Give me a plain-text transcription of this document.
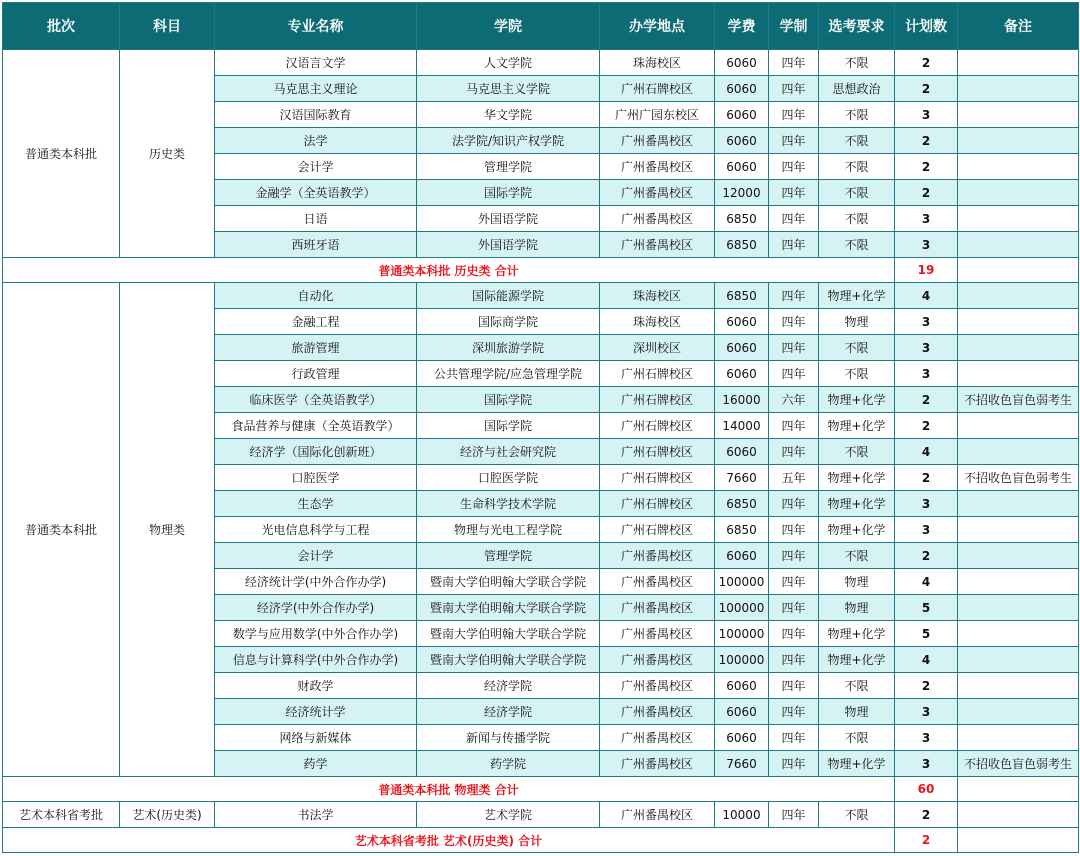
批次	科目	专业名称	学院	办学地点	学费	学制	选考要求	计划数	备注
普通类本科批	历史类	汉语言文学	人文学院	珠海校区	6060	四年	不限	2	
		马克思主义理论	马克思主义学院	广州石牌校区	6060	四年	思想政治	2	
		汉语国际教育	华文学院	广州广园东校区	6060	四年	不限	3	
		法学	法学院/知识产权学院	广州番禺校区	6060	四年	不限	2	
		会计学	管理学院	广州番禺校区	6060	四年	不限	2	
		金融学（全英语教学）	国际学院	广州番禺校区	12000	四年	不限	2	
		日语	外国语学院	广州番禺校区	6850	四年	不限	3	
		西班牙语	外国语学院	广州番禺校区	6850	四年	不限	3	
普通类本科批 历史类 合计								19	
普通类本科批	物理类	自动化	国际能源学院	珠海校区	6850	四年	物理+化学	4	
		金融工程	国际商学院	珠海校区	6060	四年	物理	3	
		旅游管理	深圳旅游学院	深圳校区	6060	四年	不限	3	
		行政管理	公共管理学院/应急管理学院	广州石牌校区	6060	四年	不限	3	
		临床医学（全英语教学）	国际学院	广州石牌校区	16000	六年	物理+化学	2	不招收色盲色弱考生
		食品营养与健康（全英语教学）	国际学院	广州石牌校区	14000	四年	物理+化学	2	
		经济学（国际化创新班）	经济与社会研究院	广州石牌校区	6060	四年	不限	4	
		口腔医学	口腔医学院	广州石牌校区	7660	五年	物理+化学	2	不招收色盲色弱考生
		生态学	生命科学技术学院	广州石牌校区	6850	四年	物理+化学	3	
		光电信息科学与工程	物理与光电工程学院	广州石牌校区	6850	四年	物理+化学	3	
		会计学	管理学院	广州番禺校区	6060	四年	不限	2	
		经济统计学(中外合作办学)	暨南大学伯明翰大学联合学院	广州番禺校区	100000	四年	物理	4	
		经济学(中外合作办学)	暨南大学伯明翰大学联合学院	广州番禺校区	100000	四年	物理	5	
		数学与应用数学(中外合作办学)	暨南大学伯明翰大学联合学院	广州番禺校区	100000	四年	物理+化学	5	
		信息与计算科学(中外合作办学)	暨南大学伯明翰大学联合学院	广州番禺校区	100000	四年	物理+化学	4	
		财政学	经济学院	广州番禺校区	6060	四年	不限	2	
		经济统计学	经济学院	广州番禺校区	6060	四年	物理	3	
		网络与新媒体	新闻与传播学院	广州番禺校区	6060	四年	不限	3	
		药学	药学院	广州番禺校区	7660	四年	物理+化学	3	不招收色盲色弱考生
普通类本科批 物理类 合计								60	
艺术本科省考批	艺术(历史类)	书法学	艺术学院	广州番禺校区	10000	四年	不限	2	
艺术本科省考批 艺术(历史类) 合计								2	
